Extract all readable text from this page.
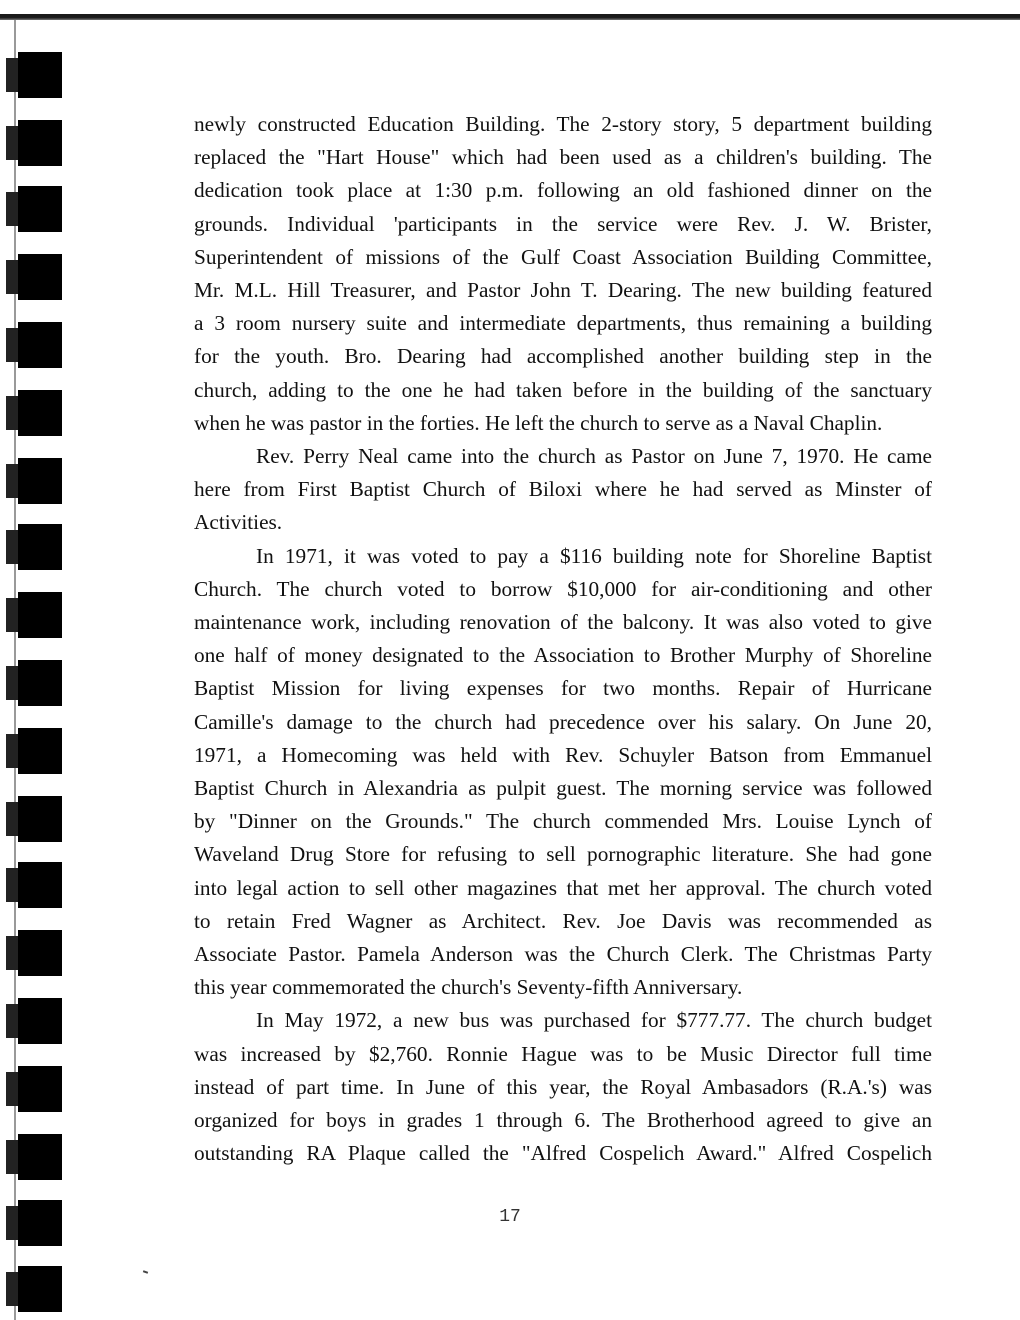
newly constructed Education Building. The 2-story story, 5 department building
replaced the "Hart House" which had been used as a children's building. The
dedication took place at 1:30 p.m. following an old fashioned dinner on the
grounds. Individual 'participants in the service were Rev. J. W. Brister,
Superintendent of missions of the Gulf Coast Association Building Committee,
Mr. M.L. Hill Treasurer, and Pastor John T. Dearing. The new building featured
a 3 room nursery suite and intermediate departments, thus remaining a building
for the youth. Bro. Dearing had accomplished another building step in the
church, adding to the one he had taken before in the building of the sanctuary
when he was pastor in the forties. He left the church to serve as a Naval Chaplin.
Rev. Perry Neal came into the church as Pastor on June 7, 1970. He came
here from First Baptist Church of Biloxi where he had served as Minster of
Activities.
In 1971, it was voted to pay a $116 building note for Shoreline Baptist
Church. The church voted to borrow $10,000 for air-conditioning and other
maintenance work, including renovation of the balcony. It was also voted to give
one half of money designated to the Association to Brother Murphy of Shoreline
Baptist Mission for living expenses for two months. Repair of Hurricane
Camille's damage to the church had precedence over his salary. On June 20,
1971, a Homecoming was held with Rev. Schuyler Batson from Emmanuel
Baptist Church in Alexandria as pulpit guest. The morning service was followed
by "Dinner on the Grounds." The church commended Mrs. Louise Lynch of
Waveland Drug Store for refusing to sell pornographic literature. She had gone
into legal action to sell other magazines that met her approval. The church voted
to retain Fred Wagner as Architect. Rev. Joe Davis was recommended as
Associate Pastor. Pamela Anderson was the Church Clerk. The Christmas Party
this year commemorated the church's Seventy-fifth Anniversary.
In May 1972, a new bus was purchased for $777.77. The church budget
was increased by $2,760. Ronnie Hague was to be Music Director full time
instead of part time. In June of this year, the Royal Ambasadors (R.A.'s) was
organized for boys in grades 1 through 6. The Brotherhood agreed to give an
outstanding RA Plaque called the "Alfred Cospelich Award." Alfred Cospelich
17
